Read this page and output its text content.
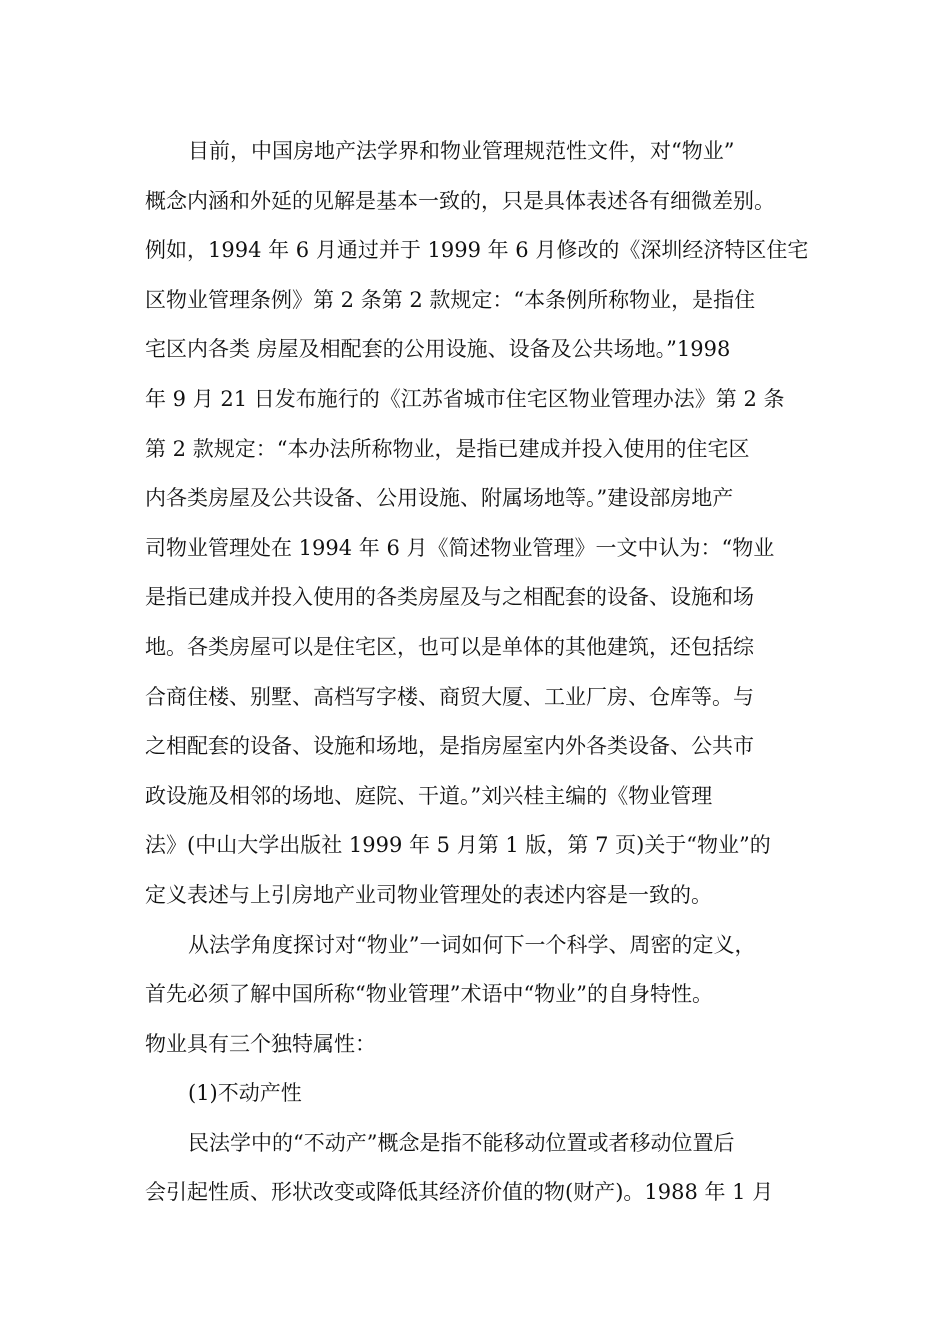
目前，中国房地产法学界和物业管理规范性文件，对“物业”
概念内涵和外延的见解是基本一致的，只是具体表述各有细微差别。
例如，1994 年 6 月通过并于 1999 年 6 月修改的《深圳经济特区住宅
区物业管理条例》第 2 条第 2 款规定：“本条例所称物业，是指住
宅区内各类 房屋及相配套的公用设施、设备及公共场地。”1998
年 9 月 21 日发布施行的《江苏省城市住宅区物业管理办法》第 2 条
第 2 款规定：“本办法所称物业，是指已建成并投入使用的住宅区
内各类房屋及公共设备、公用设施、附属场地等。”建设部房地产
司物业管理处在 1994 年 6 月《简述物业管理》一文中认为：“物业
是指已建成并投入使用的各类房屋及与之相配套的设备、设施和场
地。各类房屋可以是住宅区，也可以是单体的其他建筑，还包括综
合商住楼、别墅、高档写字楼、商贸大厦、工业厂房、仓库等。与
之相配套的设备、设施和场地，是指房屋室内外各类设备、公共市
政设施及相邻的场地、庭院、干道。”刘兴桂主编的《物业管理
法》(中山大学出版社 1999 年 5 月第 1 版，第 7 页)关于“物业”的
定义表述与上引房地产业司物业管理处的表述内容是一致的。
从法学角度探讨对“物业”一词如何下一个科学、周密的定义，
首先必须了解中国所称“物业管理”术语中“物业”的自身特性。
物业具有三个独特属性：
(1)不动产性
民法学中的“不动产”概念是指不能移动位置或者移动位置后
会引起性质、形状改变或降低其经济价值的物(财产)。1988 年 1 月
